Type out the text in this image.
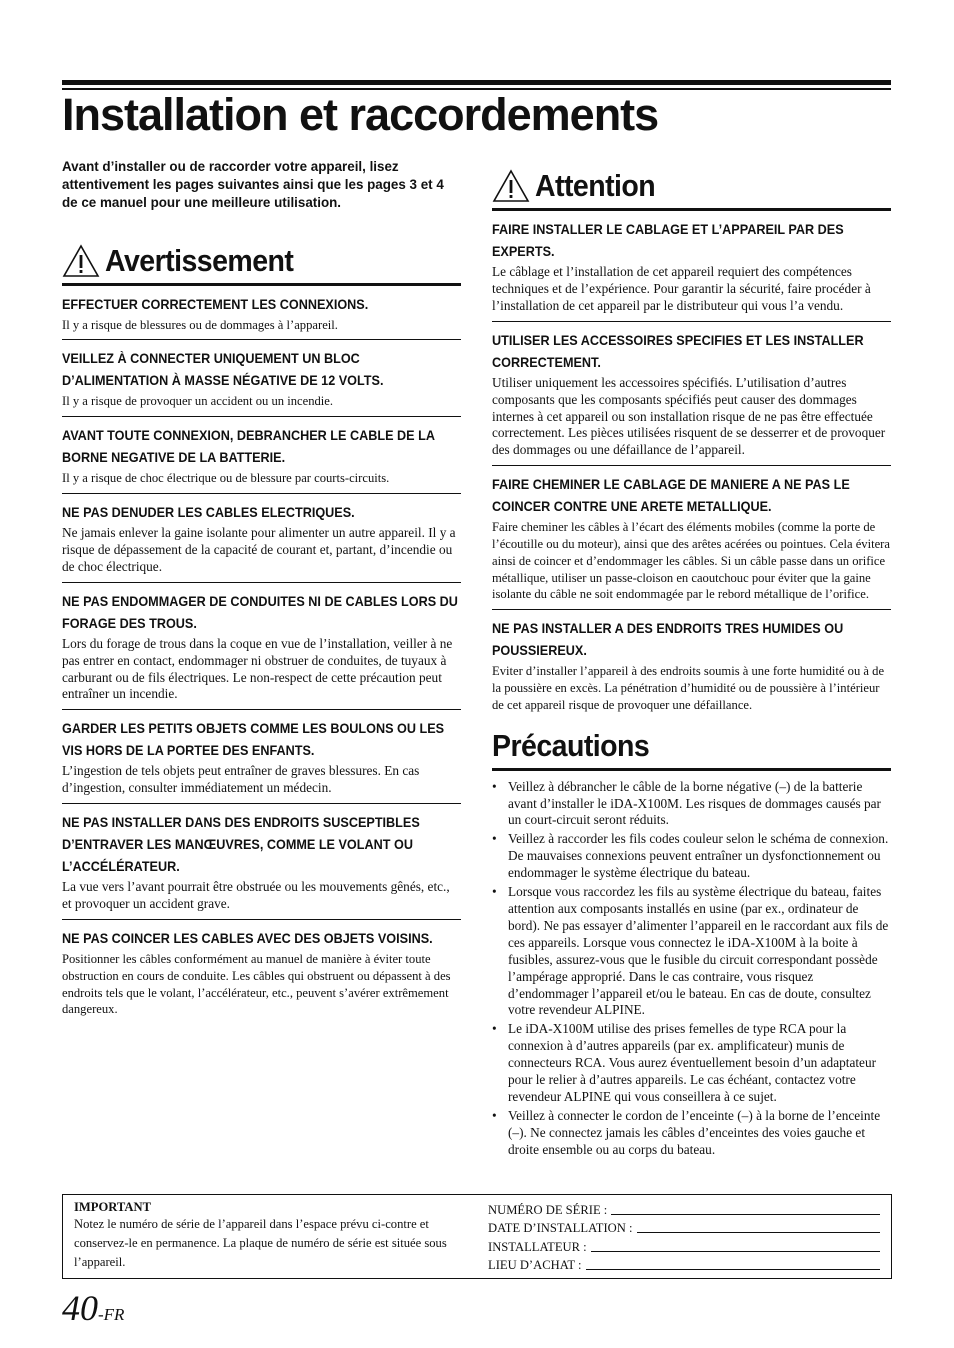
Installation et raccordements

Avant d’installer ou de raccorder votre appareil, lisez attentivement les pages suivantes ainsi que les pages 3 et 4 de ce manuel pour une meilleure utilisation.

Avertissement
EFFECTUER CORRECTEMENT LES CONNEXIONS.

Il y a risque de blessures ou de dommages à l’appareil.

VEILLEZ À CONNECTER UNIQUEMENT UN BLOC D’ALIMENTATION À MASSE NÉGATIVE DE 12 VOLTS.

Il y a risque de provoquer un accident ou un incendie.

AVANT TOUTE CONNEXION, DEBRANCHER LE CABLE DE LA BORNE NEGATIVE DE LA BATTERIE.

Il y a risque de choc électrique ou de blessure par courts-circuits.

NE PAS DENUDER LES CABLES ELECTRIQUES.

Ne jamais enlever la gaine isolante pour alimenter un autre appareil. Il y a risque de dépassement de la capacité de courant et, partant, d’incendie ou de choc électrique.

NE PAS ENDOMMAGER DE CONDUITES NI DE CABLES LORS DU FORAGE DES TROUS.

Lors du forage de trous dans la coque en vue de l’installation, veiller à ne pas entrer en contact, endommager ni obstruer de conduites, de tuyaux à carburant ou de fils électriques. Le non-respect de cette précaution peut entraîner un incendie.

GARDER LES PETITS OBJETS COMME LES BOULONS OU LES VIS HORS DE LA PORTEE DES ENFANTS.

L’ingestion de tels objets peut entraîner de graves blessures. En cas d’ingestion, consulter immédiatement un médecin.

NE PAS INSTALLER DANS DES ENDROITS SUSCEPTIBLES D’ENTRAVER LES MANŒUVRES, COMME LE VOLANT OU L’ACCÉLÉRATEUR.

La vue vers l’avant pourrait être obstruée ou les mouvements gênés, etc., et provoquer un accident grave.

NE PAS COINCER LES CABLES AVEC DES OBJETS VOISINS.

Positionner les câbles conformément au manuel de manière à éviter toute obstruction en cours de conduite. Les câbles qui obstruent ou dépassent à des endroits tels que le volant, l’accélérateur, etc., peuvent s’avérer extrêmement dangereux.

Attention
FAIRE INSTALLER LE CABLAGE ET L’APPAREIL PAR DES EXPERTS.

Le câblage et l’installation de cet appareil requiert des compétences techniques et de l’expérience. Pour garantir la sécurité, faire procéder à l’installation de cet appareil par le distributeur qui vous l’a vendu.

UTILISER LES ACCESSOIRES SPECIFIES ET LES INSTALLER CORRECTEMENT.

Utiliser uniquement les accessoires spécifiés. L’utilisation d’autres composants que les composants spécifiés peut causer des dommages internes à cet appareil ou son installation risque de ne pas être effectuée correctement. Les pièces utilisées risquent de se desserrer et de provoquer des dommages ou une défaillance de l’appareil.

FAIRE CHEMINER LE CABLAGE DE MANIERE A NE PAS LE COINCER CONTRE UNE ARETE METALLIQUE.

Faire cheminer les câbles à l’écart des éléments mobiles (comme la porte de l’écoutille ou du moteur), ainsi que des arêtes acérées ou pointues. Cela évitera ainsi de coincer et d’endommager les câbles. Si un câble passe dans un orifice métallique, utiliser un passe-cloison en caoutchouc pour éviter que la gaine isolante du câble ne soit endommagée par le rebord métallique de l’orifice.

NE PAS INSTALLER A DES ENDROITS TRES HUMIDES OU POUSSIEREUX.

Eviter d’installer l’appareil à des endroits soumis à une forte humidité ou à de la poussière en excès. La pénétration d’humidité ou de poussière à l’intérieur de cet appareil risque de provoquer une défaillance.

Précautions
• Veillez à débrancher le câble de la borne négative (–) de la batterie avant d’installer le iDA-X100M. Les risques de dommages causés par un court-circuit seront réduits.
• Veillez à raccorder les fils codes couleur selon le schéma de connexion. De mauvaises connexions peuvent entraîner un dysfonctionnement ou endommager le système électrique du bateau.
• Lorsque vous raccordez les fils au système électrique du bateau, faites attention aux composants installés en usine (par ex., ordinateur de bord). Ne pas essayer d’alimenter l’appareil en le raccordant aux fils de ces appareils. Lorsque vous connectez le iDA-X100M à la boite à fusibles, assurez-vous que le fusible du circuit correspondant possède l’ampérage approprié. Dans le cas contraire, vous risquez d’endommager l’appareil et/ou le bateau. En cas de doute, consultez votre revendeur ALPINE.
• Le iDA-X100M utilise des prises femelles de type RCA pour la connexion à d’autres appareils (par ex. amplificateur) munis de connecteurs RCA. Vous aurez éventuellement besoin d’un adaptateur pour le relier à d’autres appareils. Le cas échéant, contactez votre revendeur ALPINE qui vous conseillera à ce sujet.
• Veillez à connecter le cordon de l’enceinte (–) à la borne de l’enceinte (–). Ne connectez jamais les câbles d’enceintes des voies gauche et droite ensemble ou au corps du bateau.
IMPORTANT
Notez le numéro de série de l’appareil dans l’espace prévu ci-contre et conservez-le en permanence. La plaque de numéro de série est située sous l’appareil.
NUMÉRO DE SÉRIE :
DATE D’INSTALLATION :
INSTALLATEUR :
LIEU D’ACHAT :
40-FR
